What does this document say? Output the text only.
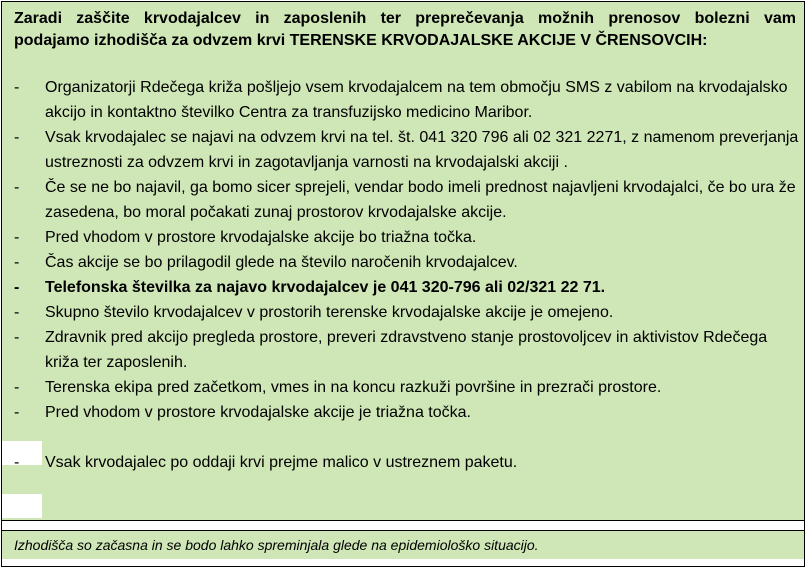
Zaradi zaščite krvodajalcev in zaposlenih ter preprečevanja možnih prenosov bolezni vam
podajamo izhodišča za odvzem krvi TERENSKE KRVODAJALSKE AKCIJE V ČRENSOVCIH:
-	Organizatorji Rdečega križa pošljejo vsem krvodajalcem na tem območju SMS z vabilom na krvodajalsko akcijo in kontaktno številko Centra za transfuzijsko medicino Maribor.
-	Vsak krvodajalec se najavi na odvzem krvi na tel. št. 041 320 796 ali 02 321 2271, z namenom preverjanja ustreznosti za odvzem krvi in zagotavljanja varnosti na krvodajalski akciji .
-	Če se ne bo najavil, ga bomo sicer sprejeli, vendar bodo imeli prednost najavljeni krvodajalci, če bo ura že zasedena, bo moral počakati zunaj prostorov krvodajalske akcije.
-	Pred vhodom v prostore krvodajalske akcije bo triažna točka.
-	Čas akcije se bo prilagodil glede na število naročenih krvodajalcev.
-	Telefonska številka za najavo krvodajalcev je 041 320-796 ali 02/321 22 71.
-	Skupno število krvodajalcev v prostorih terenske krvodajalske akcije je omejeno.
-	Zdravnik pred akcijo pregleda prostore, preveri zdravstveno stanje prostovoljcev in aktivistov Rdečega križa ter zaposlenih.
-	Terenska ekipa pred začetkom, vmes in na koncu razkuži površine in prezrači prostore.
-	Pred vhodom v prostore krvodajalske akcije je triažna točka.
-	Vsak krvodajalec po oddaji krvi prejme malico v ustreznem paketu.
Izhodišča so začasna in se bodo lahko spreminjala glede na epidemiološko situacijo.
